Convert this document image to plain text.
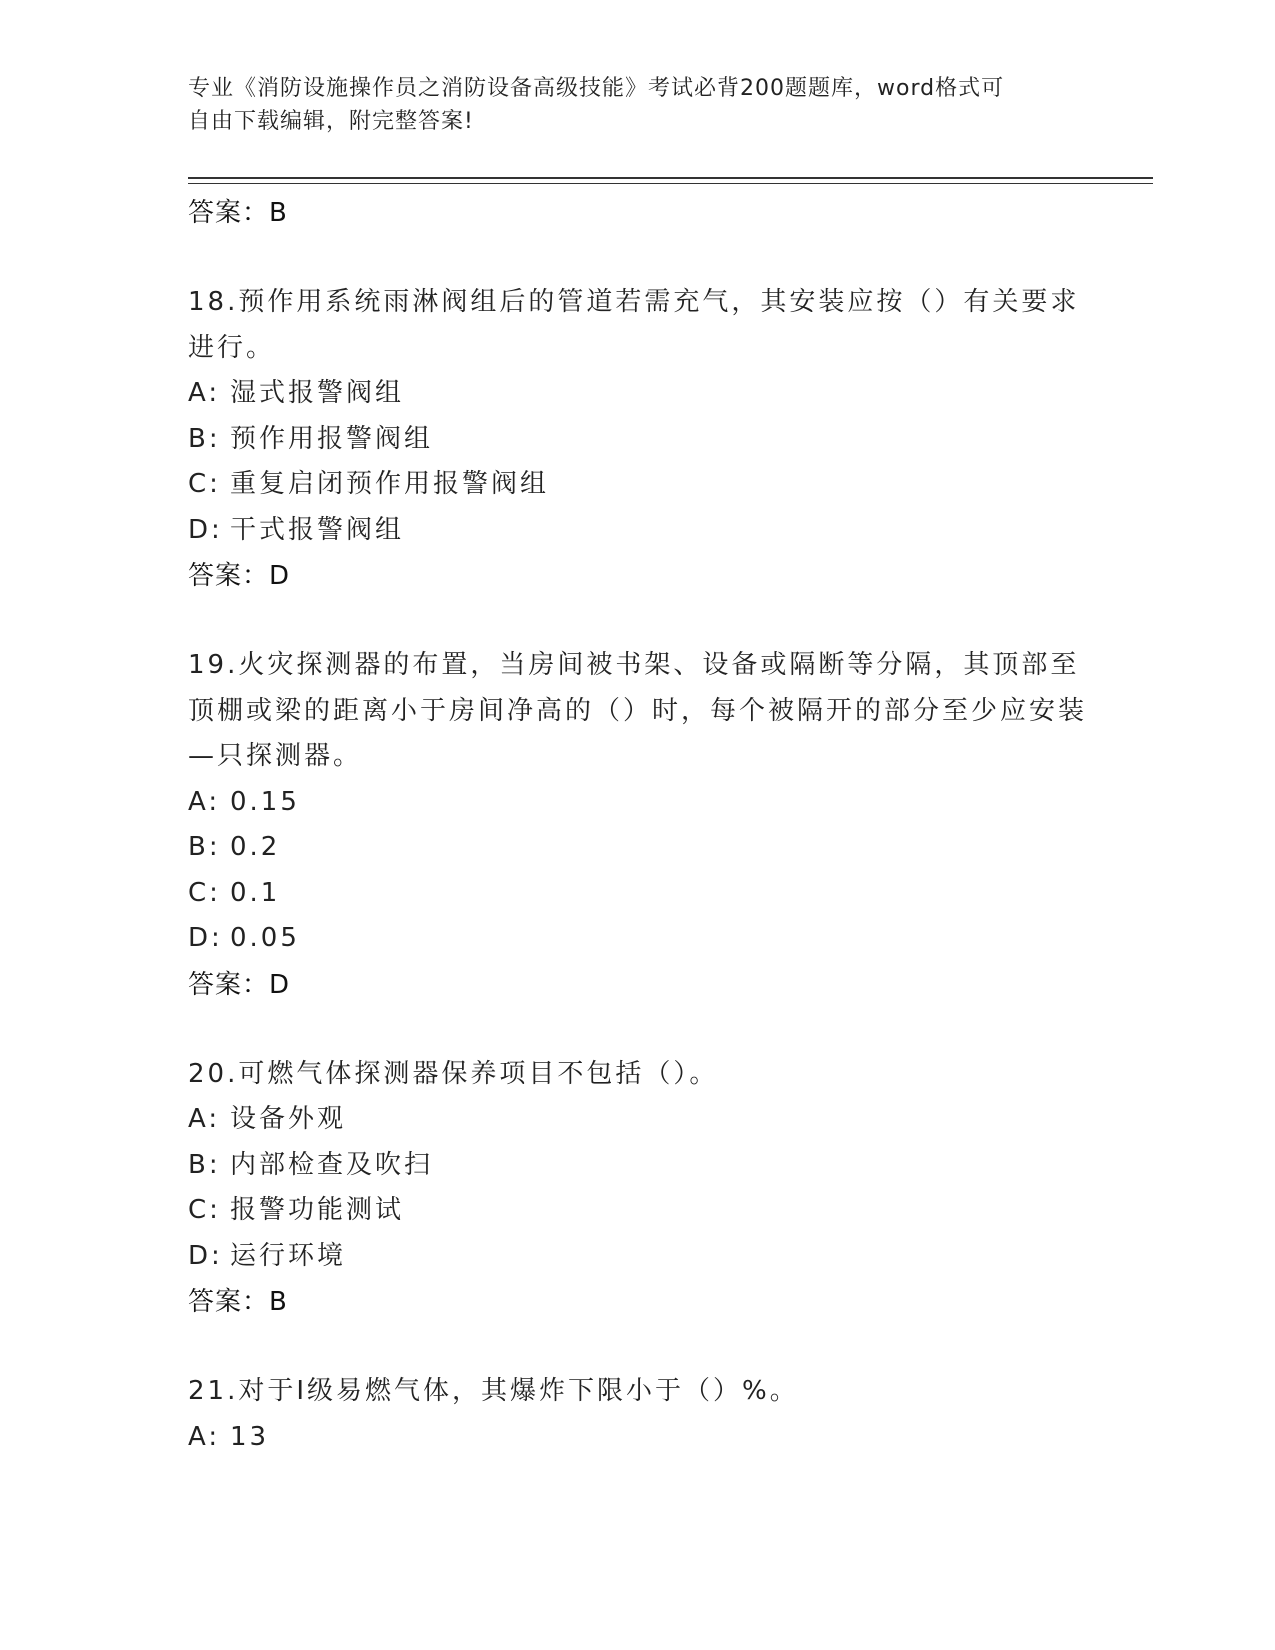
专业《消防设施操作员之消防设备高级技能》考试必背200题题库，word格式可
自由下载编辑，附完整答案!
答案：B
18.预作用系统雨淋阀组后的管道若需充气，其安装应按（）有关要求进行。
A: 湿式报警阀组
B: 预作用报警阀组
C: 重复启闭预作用报警阀组
D: 干式报警阀组
答案：D
19.火灾探测器的布置，当房间被书架、设备或隔断等分隔，其顶部至顶棚或梁的距离小于房间净高的（）时，每个被隔开的部分至少应安装—只探测器。
A: 0.15
B: 0.2
C: 0.1
D: 0.05
答案：D
20.可燃气体探测器保养项目不包括（）。
A: 设备外观
B: 内部检查及吹扫
C: 报警功能测试
D: 运行环境
答案：B
21.对于Ⅰ级易燃气体，其爆炸下限小于（）%。
A: 13
